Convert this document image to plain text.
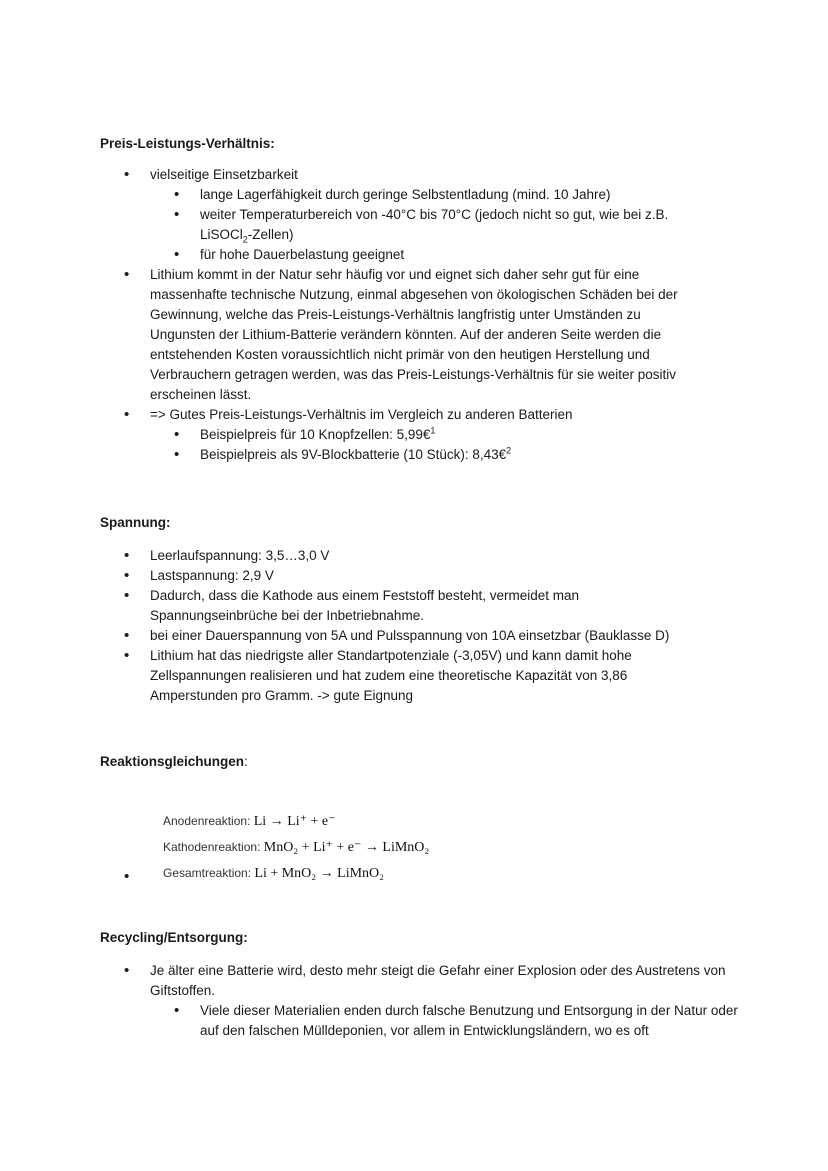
Preis-Leistungs-Verhältnis:

• vielseitige Einsetzbarkeit
• lange Lagerfähigkeit durch geringe Selbstentladung (mind. 10 Jahre)
• weiter Temperaturbereich von -40°C bis 70°C (jedoch nicht so gut, wie bei z.B.
LiSOCl$_2$-Zellen)
• für hohe Dauerbelastung geeignet
• Lithium kommt in der Natur sehr häufig vor und eignet sich daher sehr gut für eine massenhafte technische Nutzung, einmal abgesehen von ökologischen Schäden bei der Gewinnung, welche das Preis-Leistungs-Verhältnis langfristig unter Umständen zu Ungunsten der Lithium-Batterie verändern könnten. Auf der anderen Seite werden die entstehenden Kosten voraussichtlich nicht primär von den heutigen Herstellung und Verbrauchern getragen werden, was das Preis-Leistungs-Verhältnis für sie weiter positiv erscheinen lässt.
• => Gutes Preis-Leistungs-Verhältnis im Vergleich zu anderen Batterien
• Beispielpreis für 10 Knopfzellen: 5,99€$^1$
• Beispielpreis als 9V-Blockbatterie (10 Stück): 8,43€$^2$

Spannung:

• Leerlaufspannung: 3,5…3,0 V
• Lastspannung: 2,9 V
• Dadurch, dass die Kathode aus einem Feststoff besteht, vermeidet man Spannungseinbrüche bei der Inbetriebnahme.
• bei einer Dauerspannung von 5A und Pulsspannung von 10A einsetzbar (Bauklasse D)
• Lithium hat das niedrigste aller Standartpotenziale (-3,05V) und kann damit hohe Zellspannungen realisieren und hat zudem eine theoretische Kapazität von 3,86 Amperstunden pro Gramm. -> gute Eignung

Reaktionsgleichungen:

Anodenreaktion: Li → Li⁺ + e⁻
Kathodenreaktion: MnO₂ + Li⁺ + e⁻ → LiMnO₂
Gesamtreaktion: Li + MnO₂ → LiMnO₂
•

Recycling/Entsorgung:

• Je älter eine Batterie wird, desto mehr steigt die Gefahr einer Explosion oder des Austretens von Giftstoffen.
• Viele dieser Materialien enden durch falsche Benutzung und Entsorgung in der Natur oder auf den falschen Mülldeponien, vor allem in Entwicklungsländern, wo es oft
